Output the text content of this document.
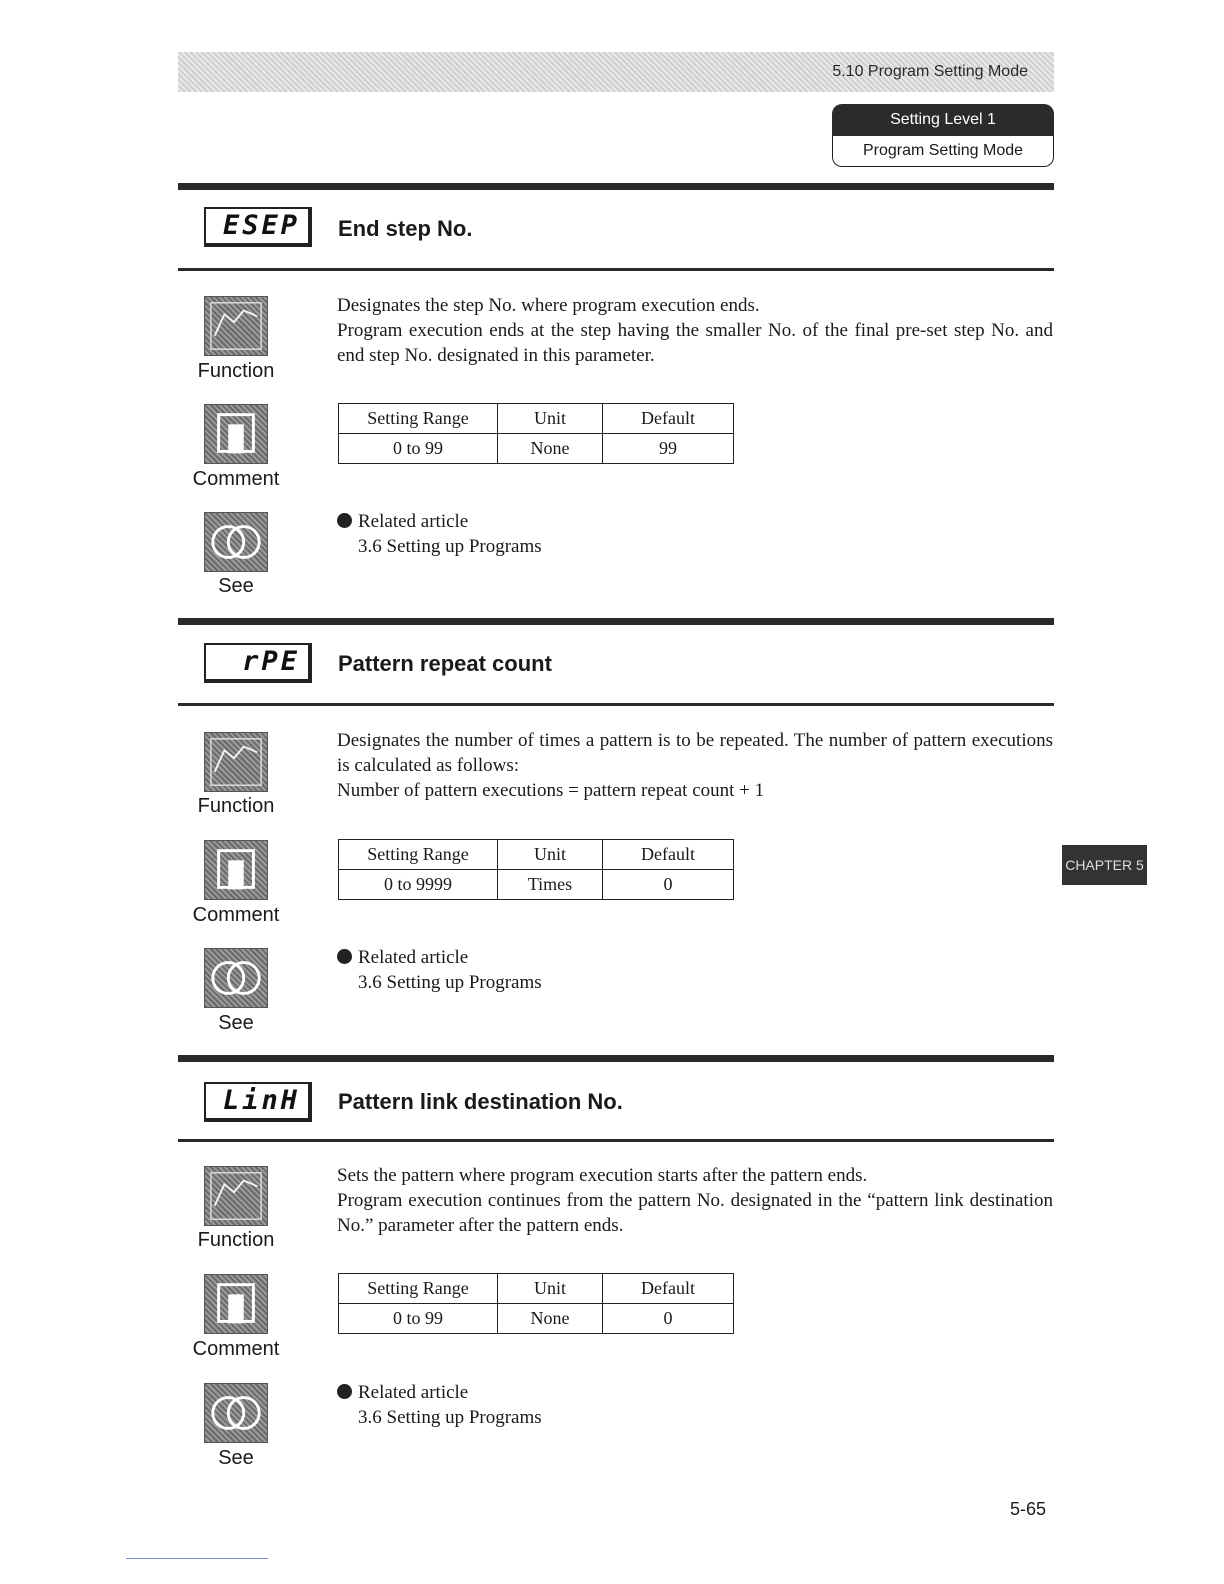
5.10 Program Setting Mode
Setting Level 1
Program Setting Mode
ESEP	End step No.
Function

Designates the step No. where program execution ends.

Program execution ends at the step having the smaller No. of the final pre-set step No. and end step No. designated in this parameter.

Comment
Setting Range	Unit	Default
0 to 99	None	99
See
Related article
3.6 Setting up Programs
rPE	Pattern repeat count
Function

Designates the number of times a pattern is to be repeated. The number of pattern executions is calculated as follows:

Number of pattern executions = pattern repeat count + 1

Comment
Setting Range	Unit	Default
0 to 9999	Times	0
See
Related article
3.6 Setting up Programs
LinH	Pattern link destination No.
Function

Sets the pattern where program execution starts after the pattern ends.

Program execution continues from the pattern No. designated in the “pattern link destination No.” parameter after the pattern ends.

Comment
Setting Range	Unit	Default
0 to 99	None	0
See
Related article
3.6 Setting up Programs
CHAPTER 5
5-65
